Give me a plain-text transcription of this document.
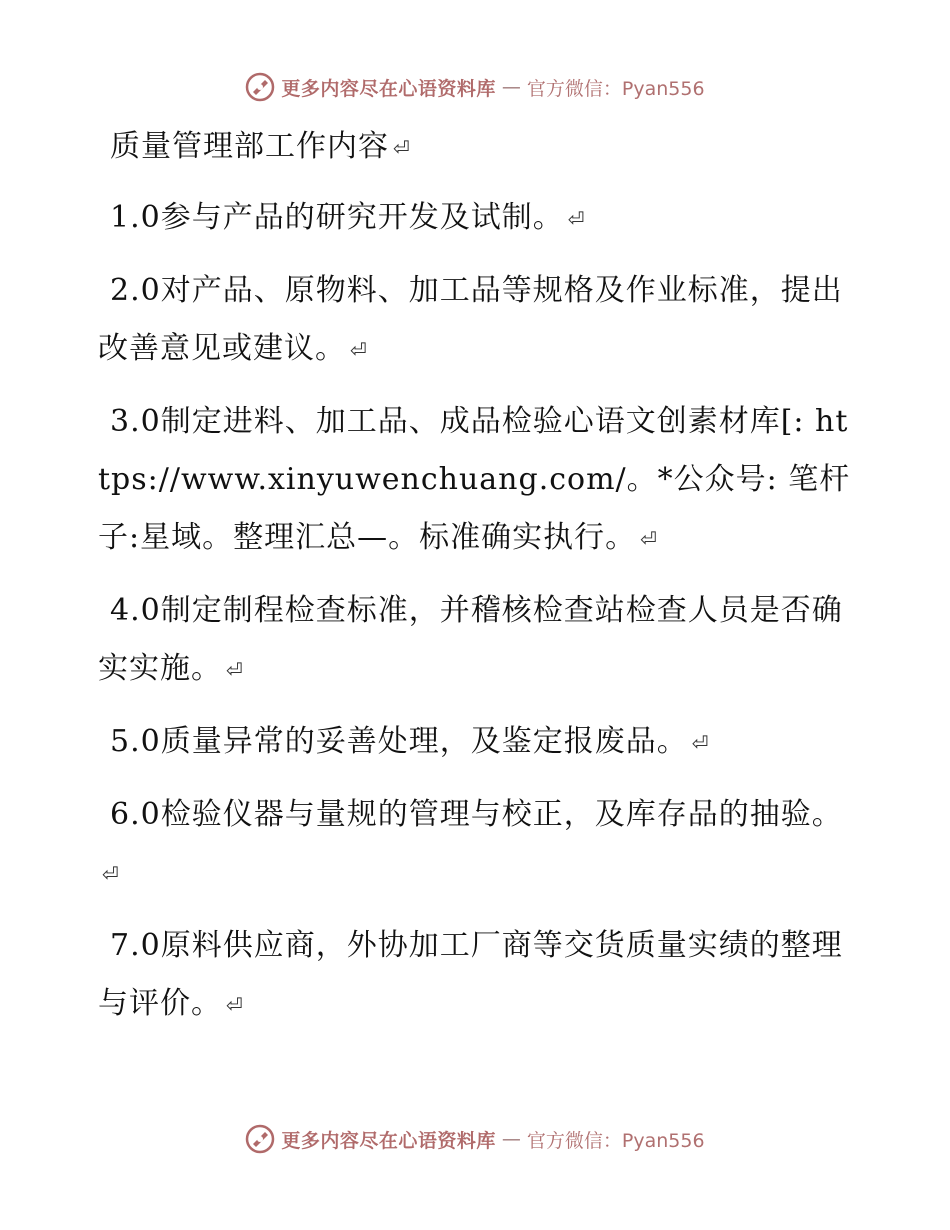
更多内容尽在心语资料库 — 官方微信：Pyan556

质量管理部工作内容 ⏎

1.0参与产品的研究开发及试制。 ⏎

2.0对产品、原物料、加工品等规格及作业标准，提出改善意见或建议。 ⏎

3.0制定进料、加工品、成品检验心语文创素材库[: https://www.xinyuwenchuang.com/。*公众号: 笔杆子:星域。整理汇总—。标准确实执行。 ⏎

4.0制定制程检查标准，并稽核检查站检查人员是否确实实施。 ⏎

5.0质量异常的妥善处理，及鉴定报废品。 ⏎

6.0检验仪器与量规的管理与校正，及库存品的抽验。⏎

7.0原料供应商，外协加工厂商等交货质量实绩的整理与评价。 ⏎

更多内容尽在心语资料库 — 官方微信：Pyan556
